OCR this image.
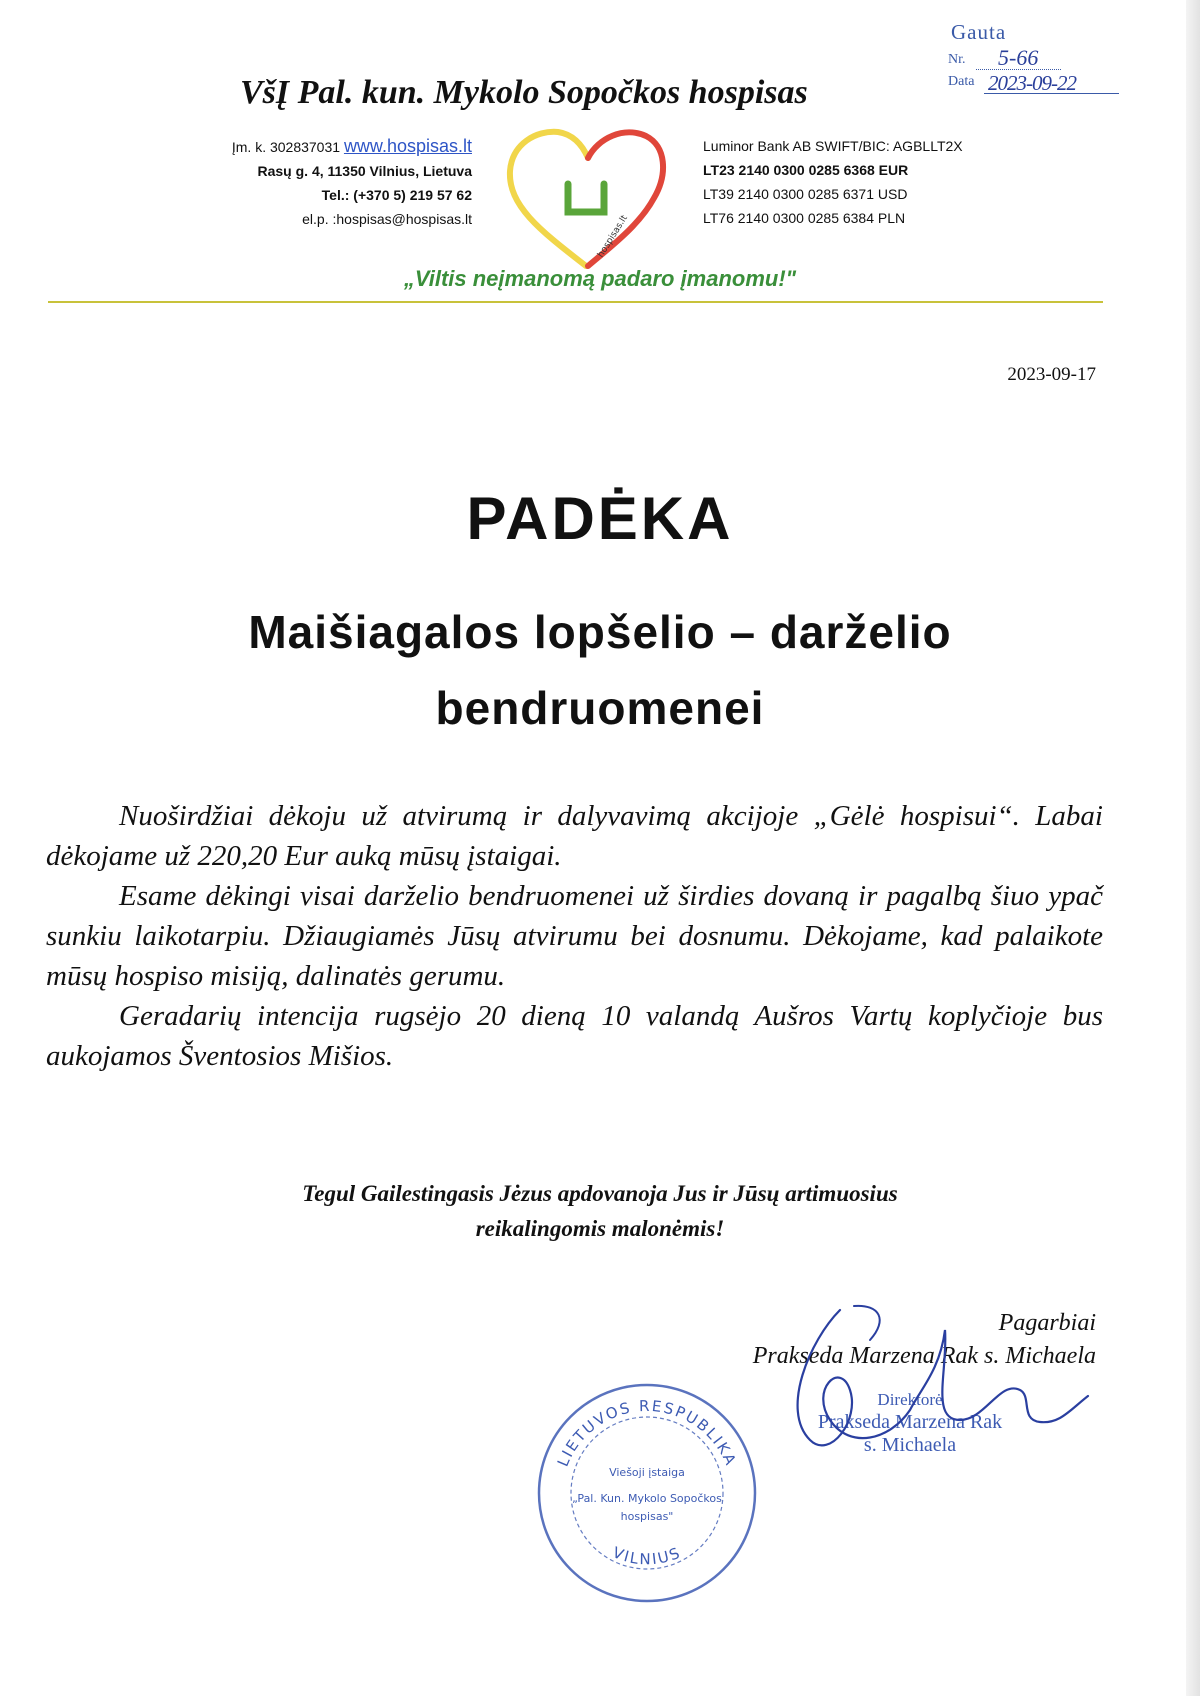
Gauta
Nr. 5-66
Data 2023-09-22
VšĮ Pal. kun. Mykolo Sopočkos hospisas
Įm. k. 302837031 www.hospisas.lt
Rasų g. 4, 11350 Vilnius, Lietuva
Tel.: (+370 5) 219 57 62
el.p. :hospisas@hospisas.lt	hospisas.lt
Luminor Bank AB SWIFT/BIC: AGBLLT2X
LT23 2140 0300 0285 6368 EUR
LT39 2140 0300 0285 6371 USD
LT76 2140 0300 0285 6384 PLN
„Viltis neįmanomą padaro įmanomu!"
2023-09-17
PADĖKA
Maišiagalos lopšelio – darželio
bendruomenei

Nuoširdžiai dėkoju už atvirumą ir dalyvavimą akcijoje „Gėlė hospisui“. Labai dėkojame už 220,20 Eur auką mūsų įstaigai.

Esame dėkingi visai darželio bendruomenei už širdies dovaną ir pagalbą šiuo ypač sunkiu laikotarpiu. Džiaugiamės Jūsų atvirumu bei dosnumu. Dėkojame, kad palaikote mūsų hospiso misiją, dalinatės gerumu.

Geradarių intencija rugsėjo 20 dieną 10 valandą Aušros Vartų koplyčioje bus aukojamos Šventosios Mišios.

Tegul Gailestingasis Jėzus apdovanoja Jus ir Jūsų artimuosius
reikalingomis malonėmis!
Pagarbiai
Prakseda Marzena Rak s. Michaela
Direktorė
Prakseda Marzena Rak
s. Michaela
LIETUVOS RESPUBLIKA
VILNIUS
Viešoji įstaiga
„Pal. Kun. Mykolo Sopočkos
hospisas"
